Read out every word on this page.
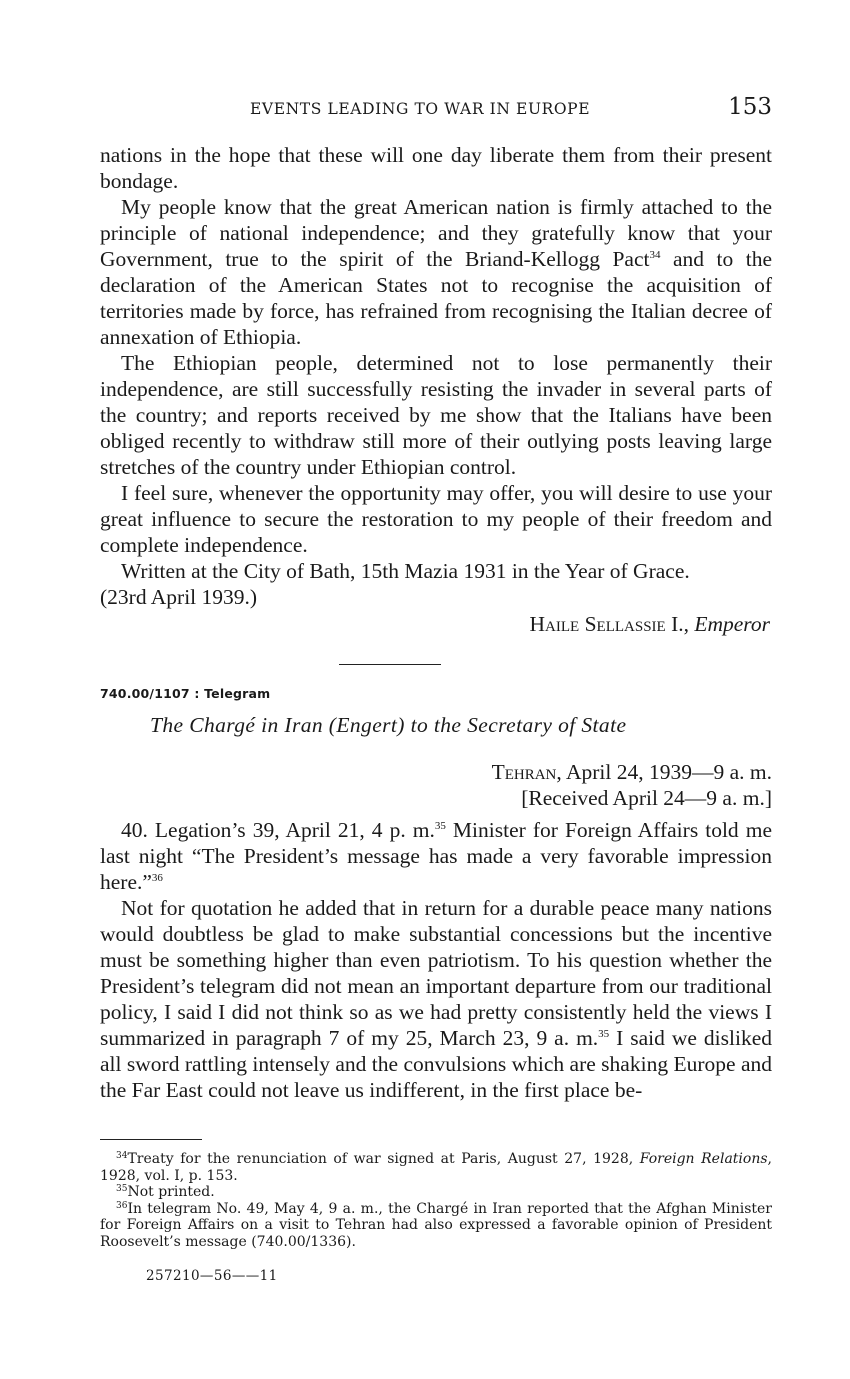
EVENTS LEADING TO WAR IN EUROPE	153

nations in the hope that these will one day liberate them from their present bondage.

My people know that the great American nation is firmly attached to the principle of national independence; and they gratefully know that your Government, true to the spirit of the Briand-Kellogg Pact$^{34}$ and to the declaration of the American States not to recognise the acquisition of territories made by force, has refrained from recognising the Italian decree of annexation of Ethiopia.

The Ethiopian people, determined not to lose permanently their independence, are still successfully resisting the invader in several parts of the country; and reports received by me show that the Italians have been obliged recently to withdraw still more of their outlying posts leaving large stretches of the country under Ethiopian control.

I feel sure, whenever the opportunity may offer, you will desire to use your great influence to secure the restoration to my people of their freedom and complete independence.

Written at the City of Bath, 15th Mazia 1931 in the Year of Grace.

(23rd April 1939.)

Haile Sellassie I., Emperor
740.00/1107 : Telegram
The Chargé in Iran (Engert) to the Secretary of State
Tehran, April 24, 1939—9 a. m.
[Received April 24—9 a. m.]

40. Legation’s 39, April 21, 4 p. m.$^{35}$ Minister for Foreign Affairs told me last night “The President’s message has made a very favorable impression here.”$^{36}$

Not for quotation he added that in return for a durable peace many nations would doubtless be glad to make substantial concessions but the incentive must be something higher than even patriotism. To his question whether the President’s telegram did not mean an important departure from our traditional policy, I said I did not think so as we had pretty consistently held the views I summarized in paragraph 7 of my 25, March 23, 9 a. m.$^{35}$ I said we disliked all sword rattling intensely and the convulsions which are shaking Europe and the Far East could not leave us indifferent, in the first place be-

$^{34}$Treaty for the renunciation of war signed at Paris, August 27, 1928, Foreign Relations, 1928, vol. I, p. 153.

$^{35}$Not printed.

$^{36}$In telegram No. 49, May 4, 9 a. m., the Chargé in Iran reported that the Afghan Minister for Foreign Affairs on a visit to Tehran had also expressed a favorable opinion of President Roosevelt’s message (740.00/1336).

257210—56——11
